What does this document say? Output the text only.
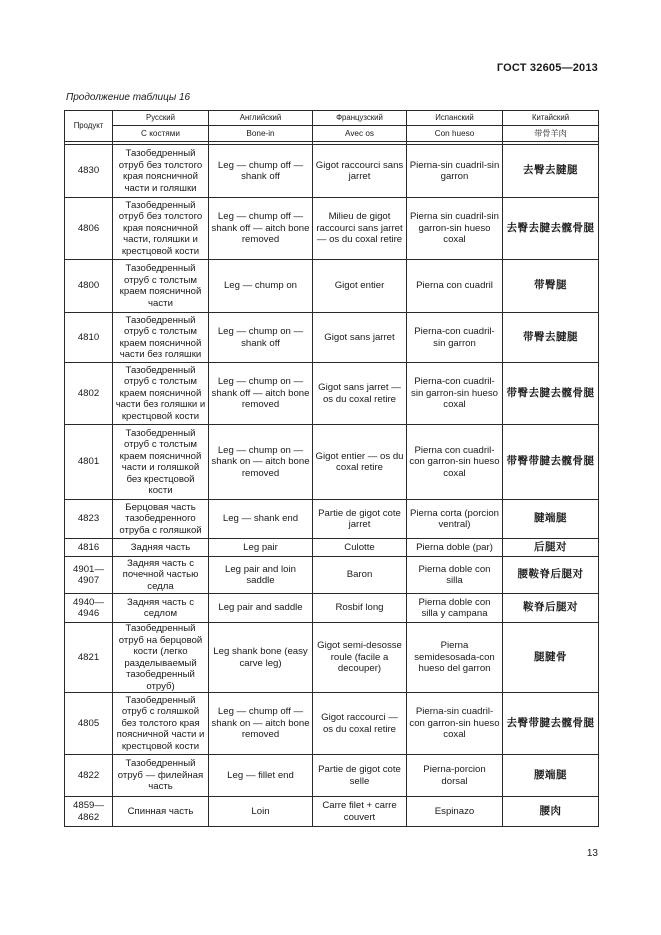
ГОСТ 32605—2013
Продолжение таблицы 16
Продукт	Русский	Английский	Французский	Испанский	Китайский
	С костями	Bone-in	Avec os	Con hueso	带骨羊肉

4830	Тазобедренный отруб без толстого края поясничной части и голяшки	Leg — chump off — shank off	Gigot raccourci sans jarret	Pierna-sin cuadril-sin garron	去臀去腱腿
4806	Тазобедренный отруб без толстого края поясничной части, голяшки и крестцовой кости	Leg — chump off — shank off — aitch bone removed	Milieu de gigot raccourci sans jarret — os du coxal retire	Pierna sin cuadril-sin garron-sin hueso coxal	去臀去腱去髋骨腿
4800	Тазобедренный отруб с толстым краем поясничной части	Leg — chump on	Gigot entier	Pierna con cuadril	带臀腿
4810	Тазобедренный отруб с толстым краем поясничной части без голяшки	Leg — chump on — shank off	Gigot sans jarret	Pierna-con cuadril-sin garron	带臀去腱腿
4802	Тазобедренный отруб с толстым краем поясничной части без голяшки и крестцовой кости	Leg — chump on — shank off — aitch bone removed	Gigot sans jarret — os du coxal retire	Pierna-con cuadril-sin garron-sin hueso coxal	带臀去腱去髋骨腿
4801	Тазобедренный отруб с толстым краем поясничной части и голяшкой без крестцовой кости	Leg — chump on — shank on — aitch bone removed	Gigot entier — os du coxal retire	Pierna con cuadril-con garron-sin hueso coxal	带臀带腱去髋骨腿
4823	Берцовая часть тазобедренного отруба с голяшкой	Leg — shank end	Partie de gigot cote jarret	Pierna corta (porcion ventral)	腱端腿
4816	Задняя часть	Leg pair	Culotte	Pierna doble (par)	后腿对
4901—4907	Задняя часть с почечной частью седла	Leg pair and loin saddle	Baron	Pierna doble con silla	腰鞍脊后腿对
4940—4946	Задняя часть с седлом	Leg pair and saddle	Rosbif long	Pierna doble con silla y campana	鞍脊后腿对
4821	Тазобедренный отруб на берцовой кости (легко разделываемый тазобедренный отруб)	Leg shank bone (easy carve leg)	Gigot semi-desosse roule (facile a decouper)	Pierna semidesosada-con hueso del garron	腿腱骨
4805	Тазобедренный отруб с голяшкой без толстого края поясничной части и крестцовой кости	Leg — chump off — shank on — aitch bone removed	Gigot raccourci — os du coxal retire	Pierna-sin cuadril-con garron-sin hueso coxal	去臀带腱去髋骨腿
4822	Тазобедренный отруб — филейная часть	Leg — fillet end	Partie de gigot cote selle	Pierna-porcion dorsal	腰端腿
4859—4862	Спинная часть	Loin	Carre filet + carre couvert	Espinazo	腰肉
13
